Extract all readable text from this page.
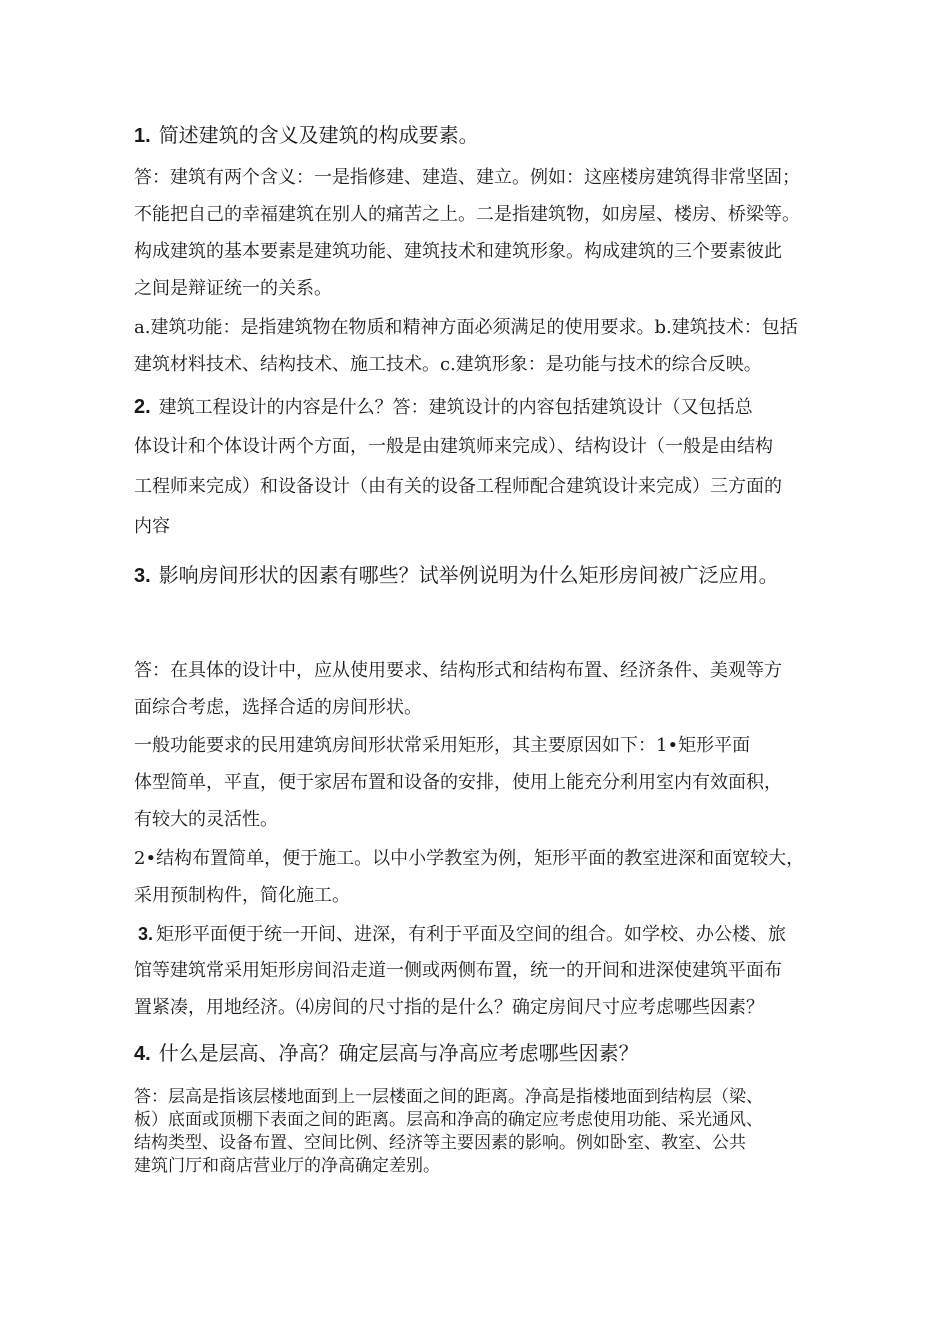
1. 简述建筑的含义及建筑的构成要素。
答：建筑有两个含义：一是指修建、建造、建立。例如：这座楼房建筑得非常坚固；
不能把自己的幸福建筑在别人的痛苦之上。二是指建筑物，如房屋、楼房、桥梁等。
构成建筑的基本要素是建筑功能、建筑技术和建筑形象。构成建筑的三个要素彼此
之间是辩证统一的关系。
a.建筑功能：是指建筑物在物质和精神方面必须满足的使用要求。b.建筑技术：包括
建筑材料技术、结构技术、施工技术。c.建筑形象：是功能与技术的综合反映。
2. 建筑工程设计的内容是什么？答：建筑设计的内容包括建筑设计（又包括总
体设计和个体设计两个方面，一般是由建筑师来完成）、结构设计（一般是由结构
工程师来完成）和设备设计（由有关的设备工程师配合建筑设计来完成）三方面的
内容
3. 影响房间形状的因素有哪些？试举例说明为什么矩形房间被广泛应用。
答：在具体的设计中，应从使用要求、结构形式和结构布置、经济条件、美观等方
面综合考虑，选择合适的房间形状。
一般功能要求的民用建筑房间形状常采用矩形，其主要原因如下：1•矩形平面
体型简单，平直，便于家居布置和设备的安排，使用上能充分利用室内有效面积，
有较大的灵活性。
2•结构布置简单，便于施工。以中小学教室为例，矩形平面的教室进深和面宽较大，
采用预制构件，简化施工。
3. 矩形平面便于统一开间、进深，有利于平面及空间的组合。如学校、办公楼、旅
馆等建筑常采用矩形房间沿走道一侧或两侧布置，统一的开间和进深使建筑平面布
置紧凑，用地经济。⑷房间的尺寸指的是什么？确定房间尺寸应考虑哪些因素？
4. 什么是层高、净高？确定层高与净高应考虑哪些因素？
答：层高是指该层楼地面到上一层楼面之间的距离。净高是指楼地面到结构层（梁、
板）底面或顶棚下表面之间的距离。层高和净高的确定应考虑使用功能、采光通风、
结构类型、设备布置、空间比例、经济等主要因素的影响。例如卧室、教室、公共
建筑门厅和商店营业厅的净高确定差别。
